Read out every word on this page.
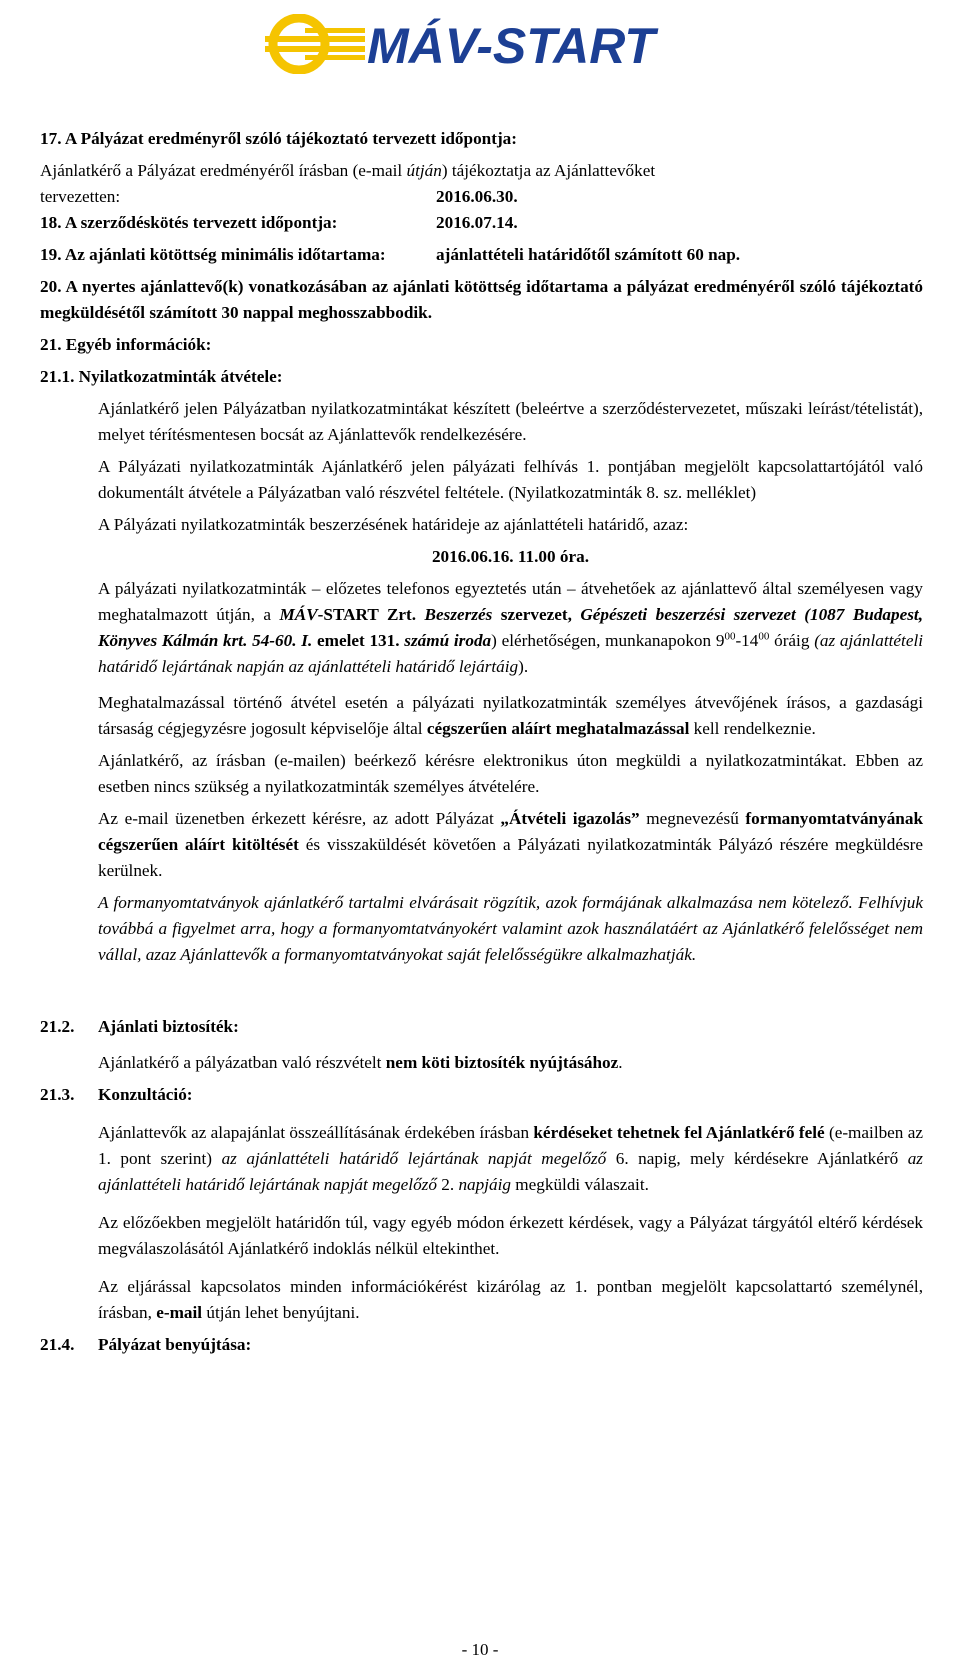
MÁV-START

17. A Pályázat eredményről szóló tájékoztató tervezett időpontja:

Ajánlatkérő a Pályázat eredményéről írásban (e-mail útján) tájékoztatja az Ajánlattevőket

tervezetten:	2016.06.30.

18. A szerződéskötés tervezett időpontja:	2016.07.14.

19. Az ajánlati kötöttség minimális időtartama:	ajánlattételi határidőtől számított 60 nap.

20. A nyertes ajánlattevő(k) vonatkozásában az ajánlati kötöttség időtartama a pályázat eredményéről szóló tájékoztató megküldésétől számított 30 nappal meghosszabbodik.

21. Egyéb információk:

21.1. Nyilatkozatminták átvétele:

Ajánlatkérő jelen Pályázatban nyilatkozatmintákat készített (beleértve a szerződéstervezetet, műszaki leírást/tételistát), melyet térítésmentesen bocsát az Ajánlattevők rendelkezésére.

A Pályázati nyilatkozatminták Ajánlatkérő jelen pályázati felhívás 1. pontjában megjelölt kapcsolattartójától való dokumentált átvétele a Pályázatban való részvétel feltétele. (Nyilatkozatminták 8. sz. melléklet)

A Pályázati nyilatkozatminták beszerzésének határideje az ajánlattételi határidő, azaz:

2016.06.16. 11.00 óra.

A pályázati nyilatkozatminták – előzetes telefonos egyeztetés után – átvehetőek az ajánlattevő által személyesen vagy meghatalmazott útján, a MÁV-START Zrt. Beszerzés szervezet, Gépészeti beszerzési szervezet (1087 Budapest, Könyves Kálmán krt. 54-60. I. emelet 131. számú iroda) elérhetőségen, munkanapokon $9^{00}-14^{00}$ óráig (az ajánlattételi határidő lejártának napján az ajánlattételi határidő lejártáig).

Meghatalmazással történő átvétel esetén a pályázati nyilatkozatminták személyes átvevőjének írásos, a gazdasági társaság cégjegyzésre jogosult képviselője által cégszerűen aláírt meghatalmazással kell rendelkeznie.

Ajánlatkérő, az írásban (e-mailen) beérkező kérésre elektronikus úton megküldi a nyilatkozatmintákat. Ebben az esetben nincs szükség a nyilatkozatminták személyes átvételére.

Az e-mail üzenetben érkezett kérésre, az adott Pályázat „Átvételi igazolás” megnevezésű formanyomtatványának cégszerűen aláírt kitöltését és visszaküldését követően a Pályázati nyilatkozatminták Pályázó részére megküldésre kerülnek.

A formanyomtatványok ajánlatkérő tartalmi elvárásait rögzítik, azok formájának alkalmazása nem kötelező. Felhívjuk továbbá a figyelmet arra, hogy a formanyomtatványokért valamint azok használatáért az Ajánlatkérő felelősséget nem vállal, azaz Ajánlattevők a formanyomtatványokat saját felelősségükre alkalmazhatják.

21.2. Ajánlati biztosíték:

Ajánlatkérő a pályázatban való részvételt nem köti biztosíték nyújtásához.

21.3. Konzultáció:

Ajánlattevők az alapajánlat összeállításának érdekében írásban kérdéseket tehetnek fel Ajánlatkérő felé (e-mailben az 1. pont szerint) az ajánlattételi határidő lejártának napját megelőző 6. napig, mely kérdésekre Ajánlatkérő az ajánlattételi határidő lejártának napját megelőző 2. napjáig megküldi válaszait.

Az előzőekben megjelölt határidőn túl, vagy egyéb módon érkezett kérdések, vagy a Pályázat tárgyától eltérő kérdések megválaszolásától Ajánlatkérő indoklás nélkül eltekinthet.

Az eljárással kapcsolatos minden információkérést kizárólag az 1. pontban megjelölt kapcsolattartó személynél, írásban, e-mail útján lehet benyújtani.

21.4. Pályázat benyújtása:

- 10 -
